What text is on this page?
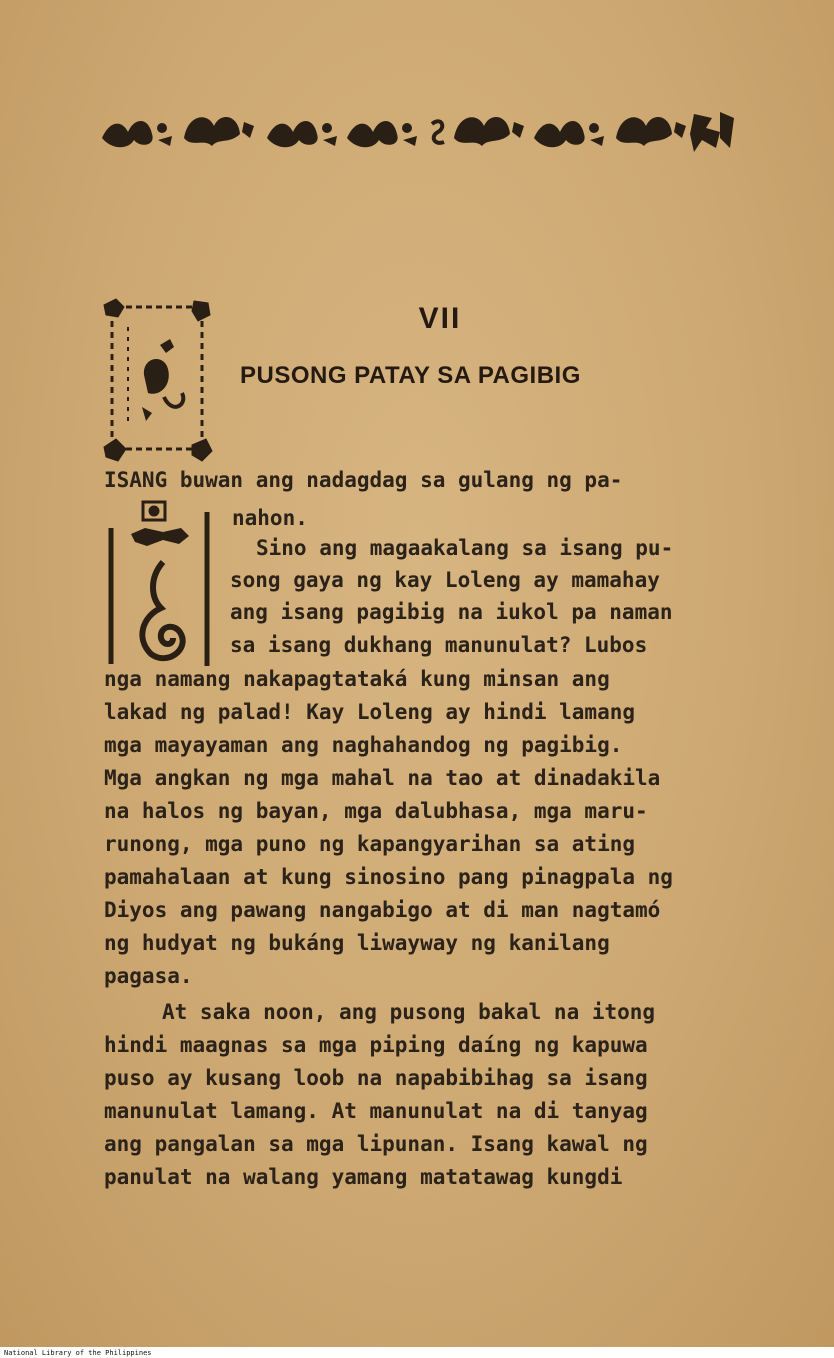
VII
PUSONG PATAY SA PAGIBIG
ISANG buwan ang nadagdag sa gulang ng pa-
nahon.
Sino ang magaakalang sa isang pu-
song gaya ng kay Loleng ay mamahay
ang isang pagibig na iukol pa naman
sa isang dukhang manunulat? Lubos
nga namang nakapagtataká kung minsan ang
lakad ng palad! Kay Loleng ay hindi lamang
mga mayayaman ang naghahandog ng pagibig.
Mga angkan ng mga mahal na tao at dinadakila
na halos ng bayan, mga dalubhasa, mga maru-
runong, mga puno ng kapangyarihan sa ating
pamahalaan at kung sinosino pang pinagpala ng
Diyos ang pawang nangabigo at di man nagtamó
ng hudyat ng bukáng liwayway ng kanilang
pagasa.
At saka noon, ang pusong bakal na itong
hindi maagnas sa mga piping daíng ng kapuwa
puso ay kusang loob na napabibihag sa isang
manunulat lamang. At manunulat na di tanyag
ang pangalan sa mga lipunan. Isang kawal ng
panulat na walang yamang matatawag kungdi
National Library of the Philippines
